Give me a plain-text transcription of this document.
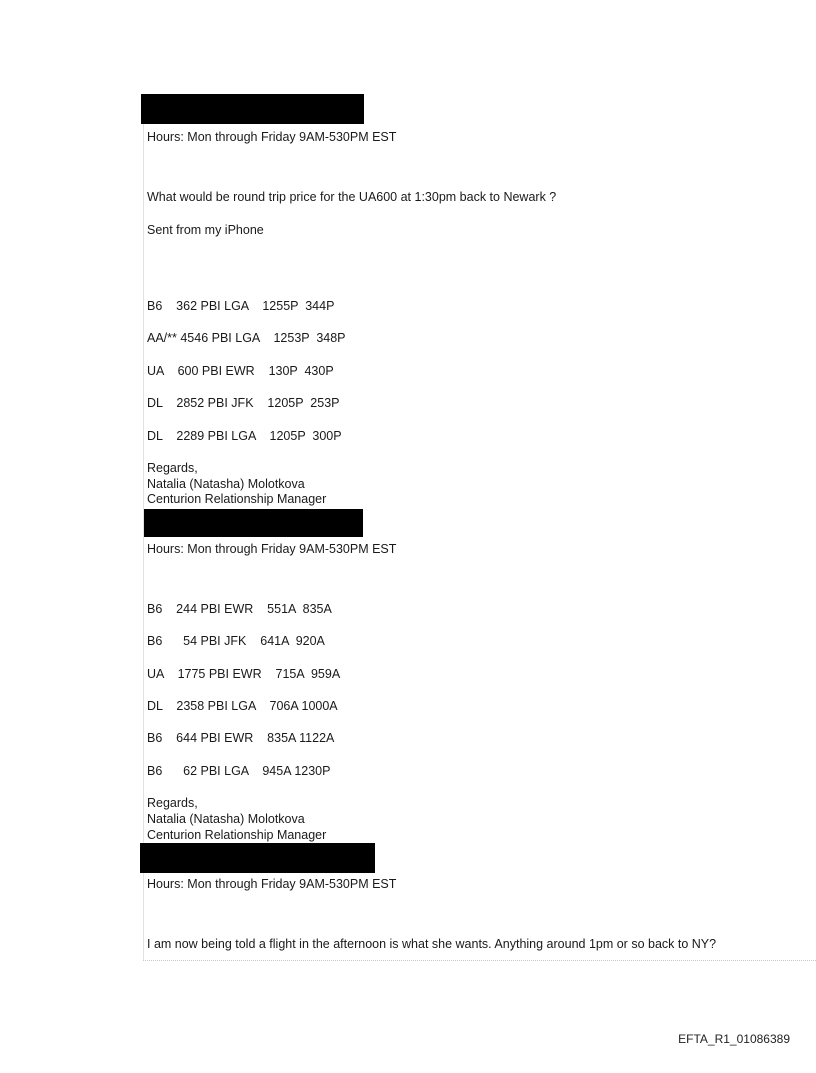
Hours: Mon through Friday 9AM-530PM EST
What would be round trip price for the UA600 at 1:30pm back to Newark ?
Sent from my iPhone
B6    362 PBI LGA    1255P  344P
AA/** 4546 PBI LGA    1253P  348P
UA    600 PBI EWR    130P  430P
DL    2852 PBI JFK    1205P  253P
DL    2289 PBI LGA    1205P  300P
Regards,
Natalia (Natasha) Molotkova
Centurion Relationship Manager
Hours: Mon through Friday 9AM-530PM EST
B6    244 PBI EWR    551A  835A
B6      54 PBI JFK    641A  920A
UA    1775 PBI EWR    715A  959A
DL    2358 PBI LGA    706A 1000A
B6    644 PBI EWR    835A 1122A
B6      62 PBI LGA    945A 1230P
Regards,
Natalia (Natasha) Molotkova
Centurion Relationship Manager
Hours: Mon through Friday 9AM-530PM EST
I am now being told a flight in the afternoon is what she wants. Anything around 1pm or so back to NY?
EFTA_R1_01086389
